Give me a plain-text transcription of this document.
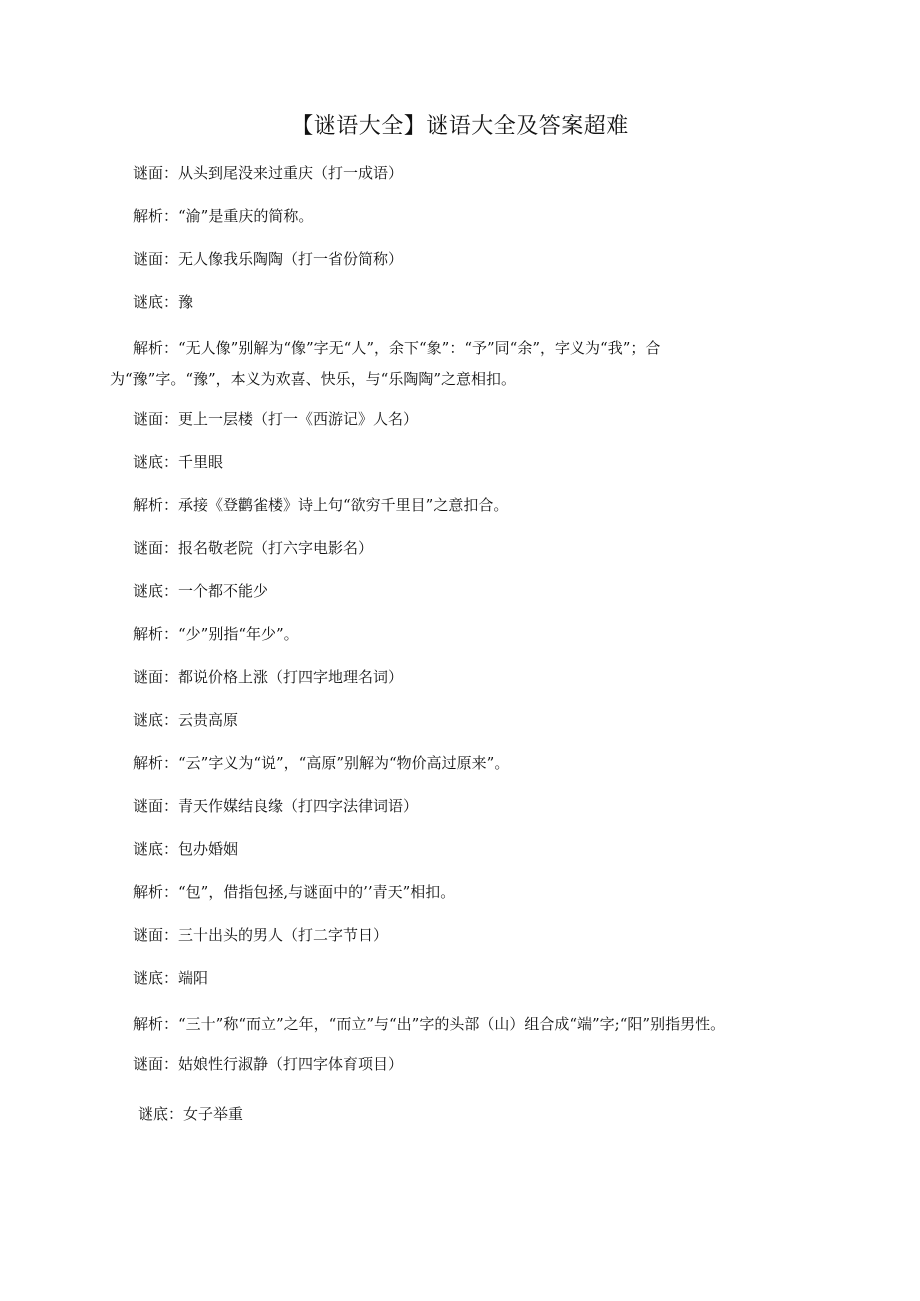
【谜语大全】谜语大全及答案超难

谜面：从头到尾没来过重庆（打一成语）

解析：“渝”是重庆的简称。

谜面：无人像我乐陶陶（打一省份简称）

谜底：豫

解析：“无人像”别解为“像”字无“人”，余下“象”：“予”同“余”，字义为“我”；合为“豫”字。“豫”，本义为欢喜、快乐，与“乐陶陶”之意相扣。

谜面：更上一层楼（打一《西游记》人名）

谜底：千里眼

解析：承接《登鹳雀楼》诗上句“欲穷千里目”之意扣合。

谜面：报名敬老院（打六字电影名）

谜底：一个都不能少

解析：“少”别指“年少”。

谜面：都说价格上涨（打四字地理名词）

谜底：云贵高原

解析：“云”字义为“说”，“高原”别解为“物价高过原来”。

谜面：青天作媒结良缘（打四字法律词语）

谜底：包办婚姻

解析：“包”，借指包拯,与谜面中的’’青天”相扣。

谜面：三十出头的男人（打二字节日）

谜底：端阳

解析：“三十”称“而立”之年，“而立”与“出”字的头部（山）组合成“端”字;“阳”别指男性。

谜面：姑娘性行淑静（打四字体育项目）

谜底：女子举重
